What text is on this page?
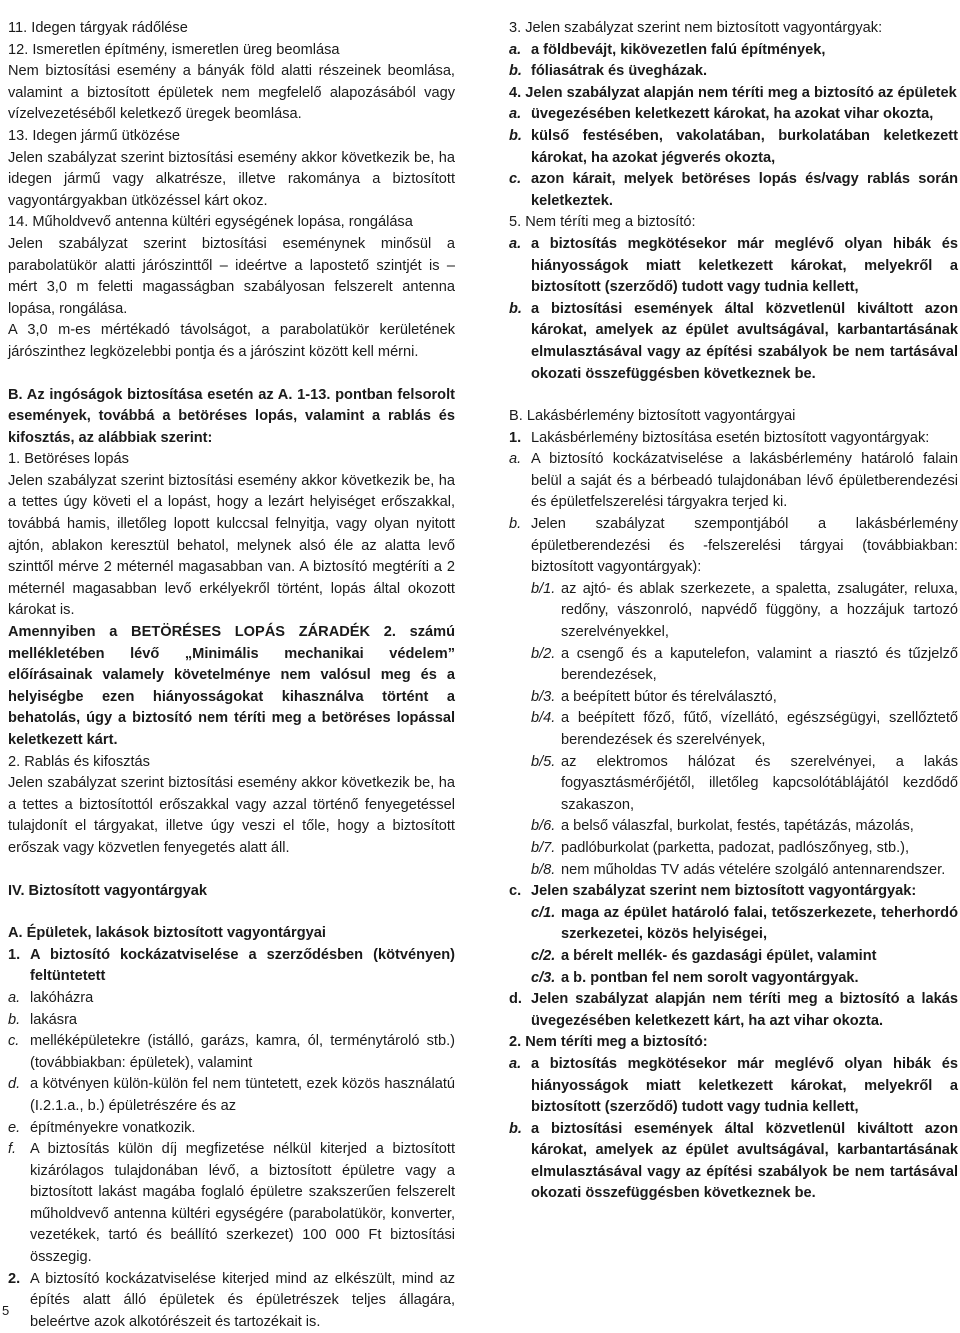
11. Idegen tárgyak rádőlése

12. Ismeretlen építmény, ismeretlen üreg beomlása

Nem biztosítási esemény a bányák föld alatti részeinek beomlása, valamint a biztosított épületek nem megfelelő alapozásából vagy vízelvezetéséből keletkező üregek beomlása.

13. Idegen jármű ütközése

Jelen szabályzat szerint biztosítási esemény akkor következik be, ha idegen jármű vagy alkatrésze, illetve rakománya a biztosított vagyontárgyakban ütközéssel kárt okoz.

14. Műholdvevő antenna kültéri egységének lopása, rongálása

Jelen szabályzat szerint biztosítási eseménynek minősül a parabolatükör alatti járószinttől – ideértve a lapostető szintjét is – mért 3,0 m feletti magasságban szabályosan felszerelt antenna lopása, rongálása.

A 3,0 m-es mértékadó távolságot, a parabolatükör kerületének járószinthez legközelebbi pontja és a járószint között kell mérni.

B. Az ingóságok biztosítása esetén az A. 1-13. pontban felsorolt események, továbbá a betöréses lopás, valamint a rablás és kifosztás, az alábbiak szerint:

1. Betöréses lopás

Jelen szabályzat szerint biztosítási esemény akkor következik be, ha a tettes úgy követi el a lopást, hogy a lezárt helyiséget erőszakkal, továbbá hamis, illetőleg lopott kulccsal felnyitja, vagy olyan nyitott ajtón, ablakon keresztül behatol, melynek alsó éle az alatta levő szinttől mérve 2 méternél magasabban van. A biztosító megtéríti a 2 méternél magasabban levő erkélyekről történt, lopás által okozott károkat is.

Amennyiben a BETÖRÉSES LOPÁS ZÁRADÉK 2. számú mellékletében lévő „Minimális mechanikai védelem” előírásainak valamely követelménye nem valósul meg és a helyiségbe ezen hiányosságokat kihasználva történt a behatolás, úgy a biztosító nem téríti meg a betöréses lopással keletkezett kárt.

2. Rablás és kifosztás

Jelen szabályzat szerint biztosítási esemény akkor következik be, ha a tettes a biztosítottól erőszakkal vagy azzal történő fenyegetéssel tulajdonít el tárgyakat, illetve úgy veszi el tőle, hogy a biztosított erőszak vagy közvetlen fenyegetés alatt áll.

IV. Biztosított vagyontárgyak

A. Épületek, lakások biztosított vagyontárgyai

1. A biztosító kockázatviselése a szerződésben (kötvényen) feltüntetett
a. lakóházra
b. lakásra
c. melléképületekre (istálló, garázs, kamra, ól, terménytároló stb.) (továbbiakban: épületek), valamint
d. a kötvényen külön-külön fel nem tüntetett, ezek közös használatú (I.2.1.a., b.) épületrészére és az
e. építményekre vonatkozik.
f. A biztosítás külön díj megfizetése nélkül kiterjed a biztosított kizárólagos tulajdonában lévő, a biztosított épületre vagy a biztosított lakást magába foglaló épületre szakszerűen felszerelt műholdvevő antenna kültéri egységére (parabolatükör, konverter, vezetékek, tartó és beállító szerkezet) 100 000 Ft biztosítási összegig.
2. A biztosító kockázatviselése kiterjed mind az elkészült, mind az építés alatt álló épületek és épületrészek teljes állagára, beleértve azok alkotórészeit és tartozékait is.

3. Jelen szabályzat szerint nem biztosított vagyontárgyak:

a. a földbevájt, kikövezetlen falú építmények,
b. fóliasátrak és üvegházak.

4. Jelen szabályzat alapján nem téríti meg a biztosító az épületek

a. üvegezésében keletkezett károkat, ha azokat vihar okozta,
b. külső festésében, vakolatában, burkolatában keletkezett károkat, ha azokat jégverés okozta,
c. azon kárait, melyek betöréses lopás és/vagy rablás során keletkeztek.

5. Nem téríti meg a biztosító:

a. a biztosítás megkötésekor már meglévő olyan hibák és hiányosságok miatt keletkezett károkat, melyekről a biztosított (szerződő) tudott vagy tudnia kellett,
b. a biztosítási események által közvetlenül kiváltott azon károkat, amelyek az épület avultságával, karbantartásának elmulasztásával vagy az építési szabályok be nem tartásával okozati összefüggésben következnek be.

B. Lakásbérlemény biztosított vagyontárgyai

1. Lakásbérlemény biztosítása esetén biztosított vagyontárgyak:
a. A biztosító kockázatviselése a lakásbérlemény határoló falain belül a saját és a bérbeadó tulajdonában lévő épületberendezési és épületfelszerelési tárgyakra terjed ki.
b. Jelen szabályzat szempontjából a lakásbérlemény épületberendezési és -felszerelési tárgyai (továbbiakban: biztosított vagyontárgyak):
b/1. az ajtó- és ablak szerkezete, a spaletta, zsalugáter, reluxa, redőny, vászonroló, napvédő függöny, a hozzájuk tartozó szerelvényekkel,
b/2. a csengő és a kaputelefon, valamint a riasztó és tűzjelző berendezések,
b/3. a beépített bútor és térelválasztó,
b/4. a beépített főző, fűtő, vízellátó, egészségügyi, szellőztető berendezések és szerelvények,
b/5. az elektromos hálózat és szerelvényei, a lakás fogyasztásmérőjétől, illetőleg kapcsolótáblájától kezdődő szakaszon,
b/6. a belső válaszfal, burkolat, festés, tapétázás, mázolás,
b/7. padlóburkolat (parketta, padozat, padlószőnyeg, stb.),
b/8. nem műholdas TV adás vételére szolgáló antennarendszer.
c. Jelen szabályzat szerint nem biztosított vagyontárgyak:
c/1. maga az épület határoló falai, tetőszerkezete, teherhordó szerkezetei, közös helyiségei,
c/2. a bérelt mellék- és gazdasági épület, valamint
c/3. a b. pontban fel nem sorolt vagyontárgyak.
d. Jelen szabályzat alapján nem téríti meg a biztosító a lakás üvegezésében keletkezett kárt, ha azt vihar okozta.

2. Nem téríti meg a biztosító:

a. a biztosítás megkötésekor már meglévő olyan hibák és hiányosságok miatt keletkezett károkat, melyekről a biztosított (szerződő) tudott vagy tudnia kellett,
b. a biztosítási események által közvetlenül kiváltott azon károkat, amelyek az épület avultságával, karbantartásának elmulasztásával vagy az építési szabályok be nem tartásával okozati összefüggésben következnek be.
5
